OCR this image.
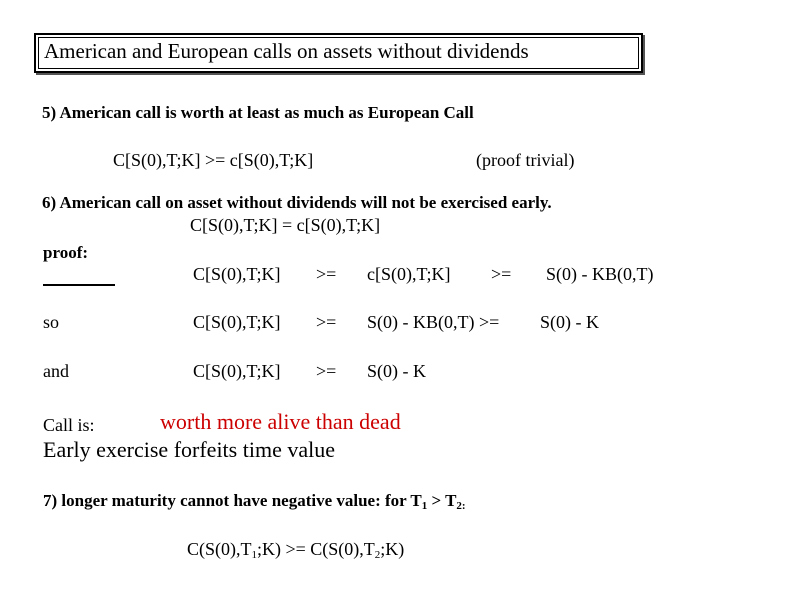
American and European calls on assets without dividends
5) American call is worth at least as much as European Call
C[S(0),T;K] >= c[S(0),T;K]	(proof trivial)
6) American call on asset without dividends will not be exercised early.
C[S(0),T;K] = c[S(0),T;K]
proof:
C[S(0),T;K] >= c[S(0),T;K] >= S(0) - KB(0,T)
so	C[S(0),T;K] >= S(0) - KB(0,T) >= S(0) - K
and	C[S(0),T;K] >= S(0) - K
Call is:	worth more alive than dead
Early exercise forfeits time value
7) longer maturity cannot have negative value: for $T_1 > T_{2:}$
$C(S(0),T_1;K)$ >= $C(S(0),T_2;K)$
